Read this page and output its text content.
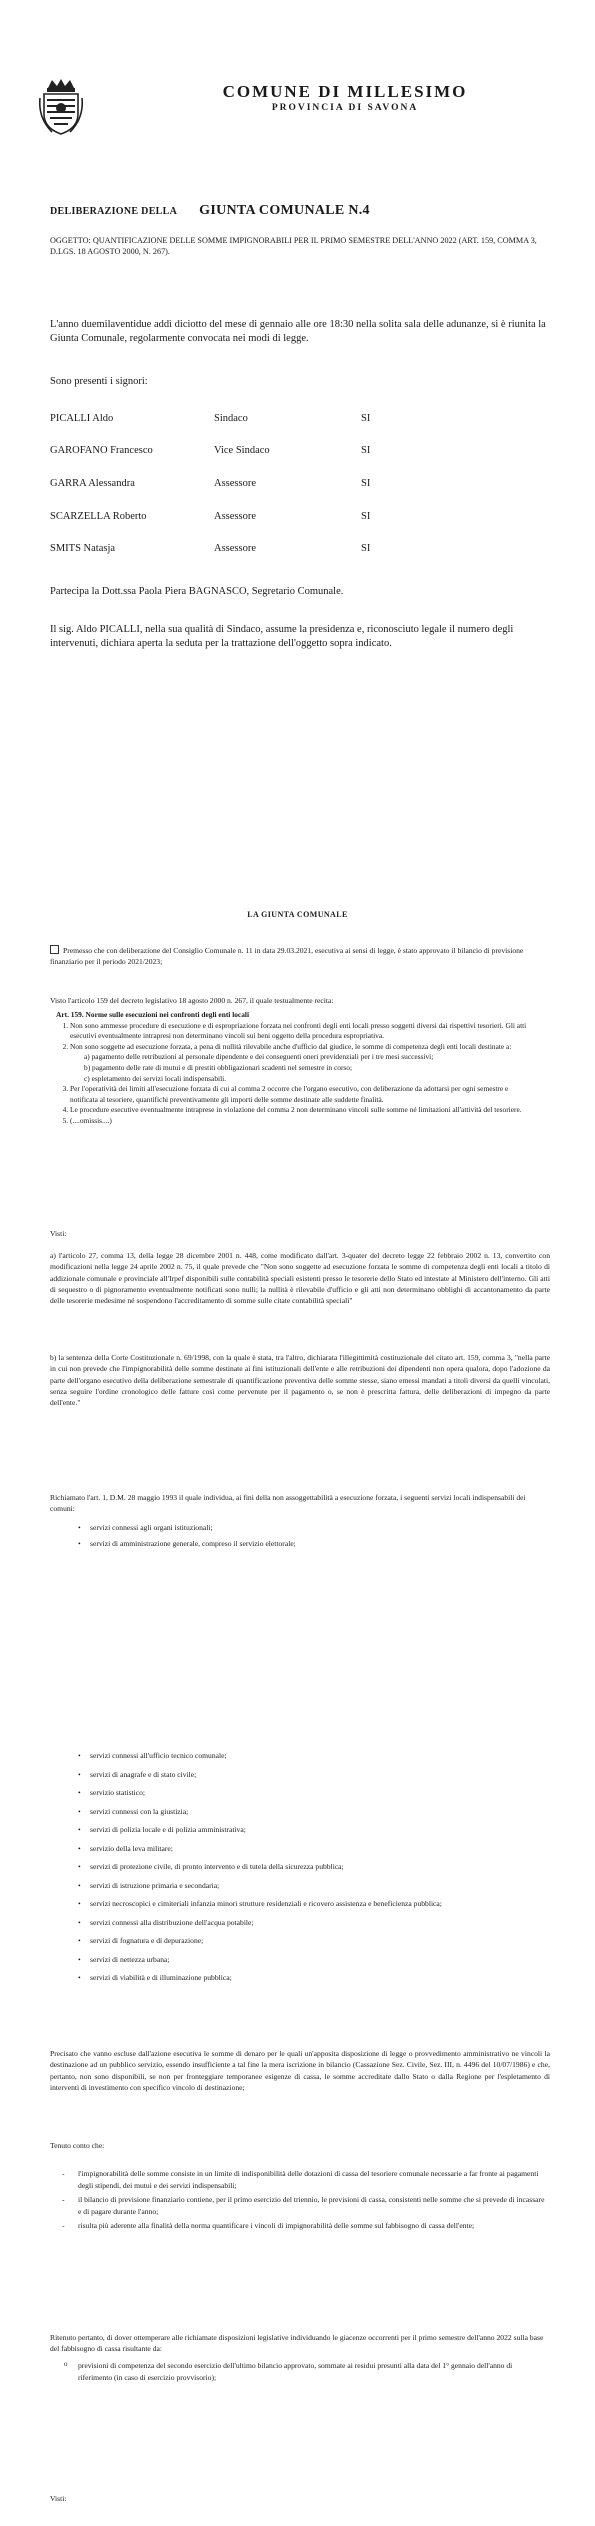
COMUNE DI MILLESIMO
PROVINCIA DI SAVONA
DELIBERAZIONE DELLA GIUNTA COMUNALE N.4
OGGETTO: QUANTIFICAZIONE DELLE SOMME IMPIGNORABILI PER IL PRIMO SEMESTRE DELL'ANNO 2022 (ART. 159, COMMA 3, D.LGS. 18 AGOSTO 2000, N. 267).
L'anno duemilaventidue addì diciotto del mese di gennaio alle ore 18:30 nella solita sala delle adunanze, si è riunita la Giunta Comunale, regolarmente convocata nei modi di legge.
Sono presenti i signori:
PICALLI Aldo	Sindaco	SI
GAROFANO Francesco	Vice Sindaco	SI
GARRA Alessandra	Assessore	SI
SCARZELLA Roberto	Assessore	SI
SMITS Natasja	Assessore	SI
Partecipa la Dott.ssa Paola Piera BAGNASCO, Segretario Comunale.
Il sig. Aldo PICALLI, nella sua qualità di Sindaco, assume la presidenza e, riconosciuto legale il numero degli intervenuti, dichiara aperta la seduta per la trattazione dell'oggetto sopra indicato.
LA GIUNTA COMUNALE
Premesso che con deliberazione del Consiglio Comunale n. 11 in data 29.03.2021, esecutiva ai sensi di legge, è stato approvato il bilancio di previsione finanziario per il periodo 2021/2023;
Visto l'articolo 159 del decreto legislativo 18 agosto 2000 n. 267, il quale testualmente recita:
Art. 159. Norme sulle esecuzioni nei confronti degli enti locali
1. Non sono ammesse procedure di esecuzione e di espropriazione forzata nei confronti degli enti locali presso soggetti diversi dai rispettivi tesorieri. Gli atti esecutivi eventualmente intrapresi non determinano vincoli sui beni oggetto della procedura espropriativa.
2. Non sono soggette ad esecuzione forzata, a pena di nullità rilevabile anche d'ufficio dal giudice, le somme di competenza degli enti locali destinate a:
a) pagamento delle retribuzioni al personale dipendente e dei conseguenti oneri previdenziali per i tre mesi successivi;
b) pagamento delle rate di mutui e di prestiti obbligazionari scadenti nel semestre in corso;
c) espletamento dei servizi locali indispensabili.
3. Per l'operatività dei limiti all'esecuzione forzata di cui al comma 2 occorre che l'organo esecutivo, con deliberazione da adottarsi per ogni semestre e notificata al tesoriere, quantifichi preventivamente gli importi delle somme destinate alle suddette finalità.
4. Le procedure esecutive eventualmente intraprese in violazione del comma 2 non determinano vincoli sulle somme né limitazioni all'attività del tesoriere.
5. (....omissis....)
Visti:
a) l'articolo 27, comma 13, della legge 28 dicembre 2001 n. 448, come modificato dall'art. 3-quater del decreto legge 22 febbraio 2002 n. 13, convertito con modificazioni nella legge 24 aprile 2002 n. 75, il quale prevede che "Non sono soggette ad esecuzione forzata le somme di competenza degli enti locali a titolo di addizionale comunale e provinciale all'Irpef disponibili sulle contabilità speciali esistenti presso le tesorerie dello Stato ed intestate al Ministero dell'interno. Gli atti di sequestro o di pignoramento eventualmente notificati sono nulli; la nullità è rilevabile d'ufficio e gli atti non determinano obblighi di accantonamento da parte delle tesorerie medesime né sospendono l'accreditamento di somme sulle citate contabilità speciali"
b) la sentenza della Corte Costituzionale n. 69/1998, con la quale è stata, tra l'altro, dichiarata l'illegittimità costituzionale del citato art. 159, comma 3, "nella parte in cui non prevede che l'impignorabilità delle somme destinate ai fini istituzionali dell'ente e alle retribuzioni dei dipendenti non opera qualora, dopo l'adozione da parte dell'organo esecutivo della deliberazione semestrale di quantificazione preventiva delle somme stesse, siano emessi mandati a titoli diversi da quelli vincolati, senza seguire l'ordine cronologico delle fatture così come pervenute per il pagamento o, se non è prescritta fattura, delle deliberazioni di impegno da parte dell'ente."
Richiamato l'art. 1, D.M. 28 maggio 1993 il quale individua, ai fini della non assoggettabilità a esecuzione forzata, i seguenti servizi locali indispensabili dei comuni:
• servizi connessi agli organi istituzionali;
• servizi di amministrazione generale, compreso il servizio elettorale;
• servizi connessi all'ufficio tecnico comunale;
• servizi di anagrafe e di stato civile;
• servizio statistico;
• servizi connessi con la giustizia;
• servizi di polizia locale e di polizia amministrativa;
• servizio della leva militare;
• servizi di protezione civile, di pronto intervento e di tutela della sicurezza pubblica;
• servizi di istruzione primaria e secondaria;
• servizi necroscopici e cimiteriali infanzia minori strutture residenziali e ricovero assistenza e beneficienza pubblica;
• servizi connessi alla distribuzione dell'acqua potabile;
• servizi di fognatura e di depurazione;
• servizi di nettezza urbana;
• servizi di viabilità e di illuminazione pubblica;
Precisato che vanno escluse dall'azione esecutiva le somme di denaro per le quali un'apposita disposizione di legge o provvedimento amministrativo ne vincoli la destinazione ad un pubblico servizio, essendo insufficiente a tal fine la mera iscrizione in bilancio (Cassazione Sez. Civile, Sez. III, n. 4496 del 10/07/1986) e che, pertanto, non sono disponibili, se non per fronteggiare temporanee esigenze di cassa, le somme accreditate dallo Stato o dalla Regione per l'espletamento di interventi di investimento con specifico vincolo di destinazione;
Tenuto conto che:
- l'impignorabilità delle somme consiste in un limite di indisponibilità delle dotazioni di cassa del tesoriere comunale necessarie a far fronte ai pagamenti degli stipendi, dei mutui e dei servizi indispensabili;
- il bilancio di previsione finanziario contiene, per il primo esercizio del triennio, le previsioni di cassa, consistenti nelle somme che si prevede di incassare e di pagare durante l'anno;
- risulta più aderente alla finalità della norma quantificare i vincoli di impignorabilità delle somme sul fabbisogno di cassa dell'ente;
Ritenuto pertanto, di dover ottemperare alle richiamate disposizioni legislative individuando le giacenze occorrenti per il primo semestre dell'anno 2022 sulla base del fabbisogno di cassa risultante da:
o previsioni di competenza del secondo esercizio dell'ultimo bilancio approvato, sommate ai residui presunti alla data del 1° gennaio dell'anno di riferimento (in caso di esercizio provvisorio);
Visti:
